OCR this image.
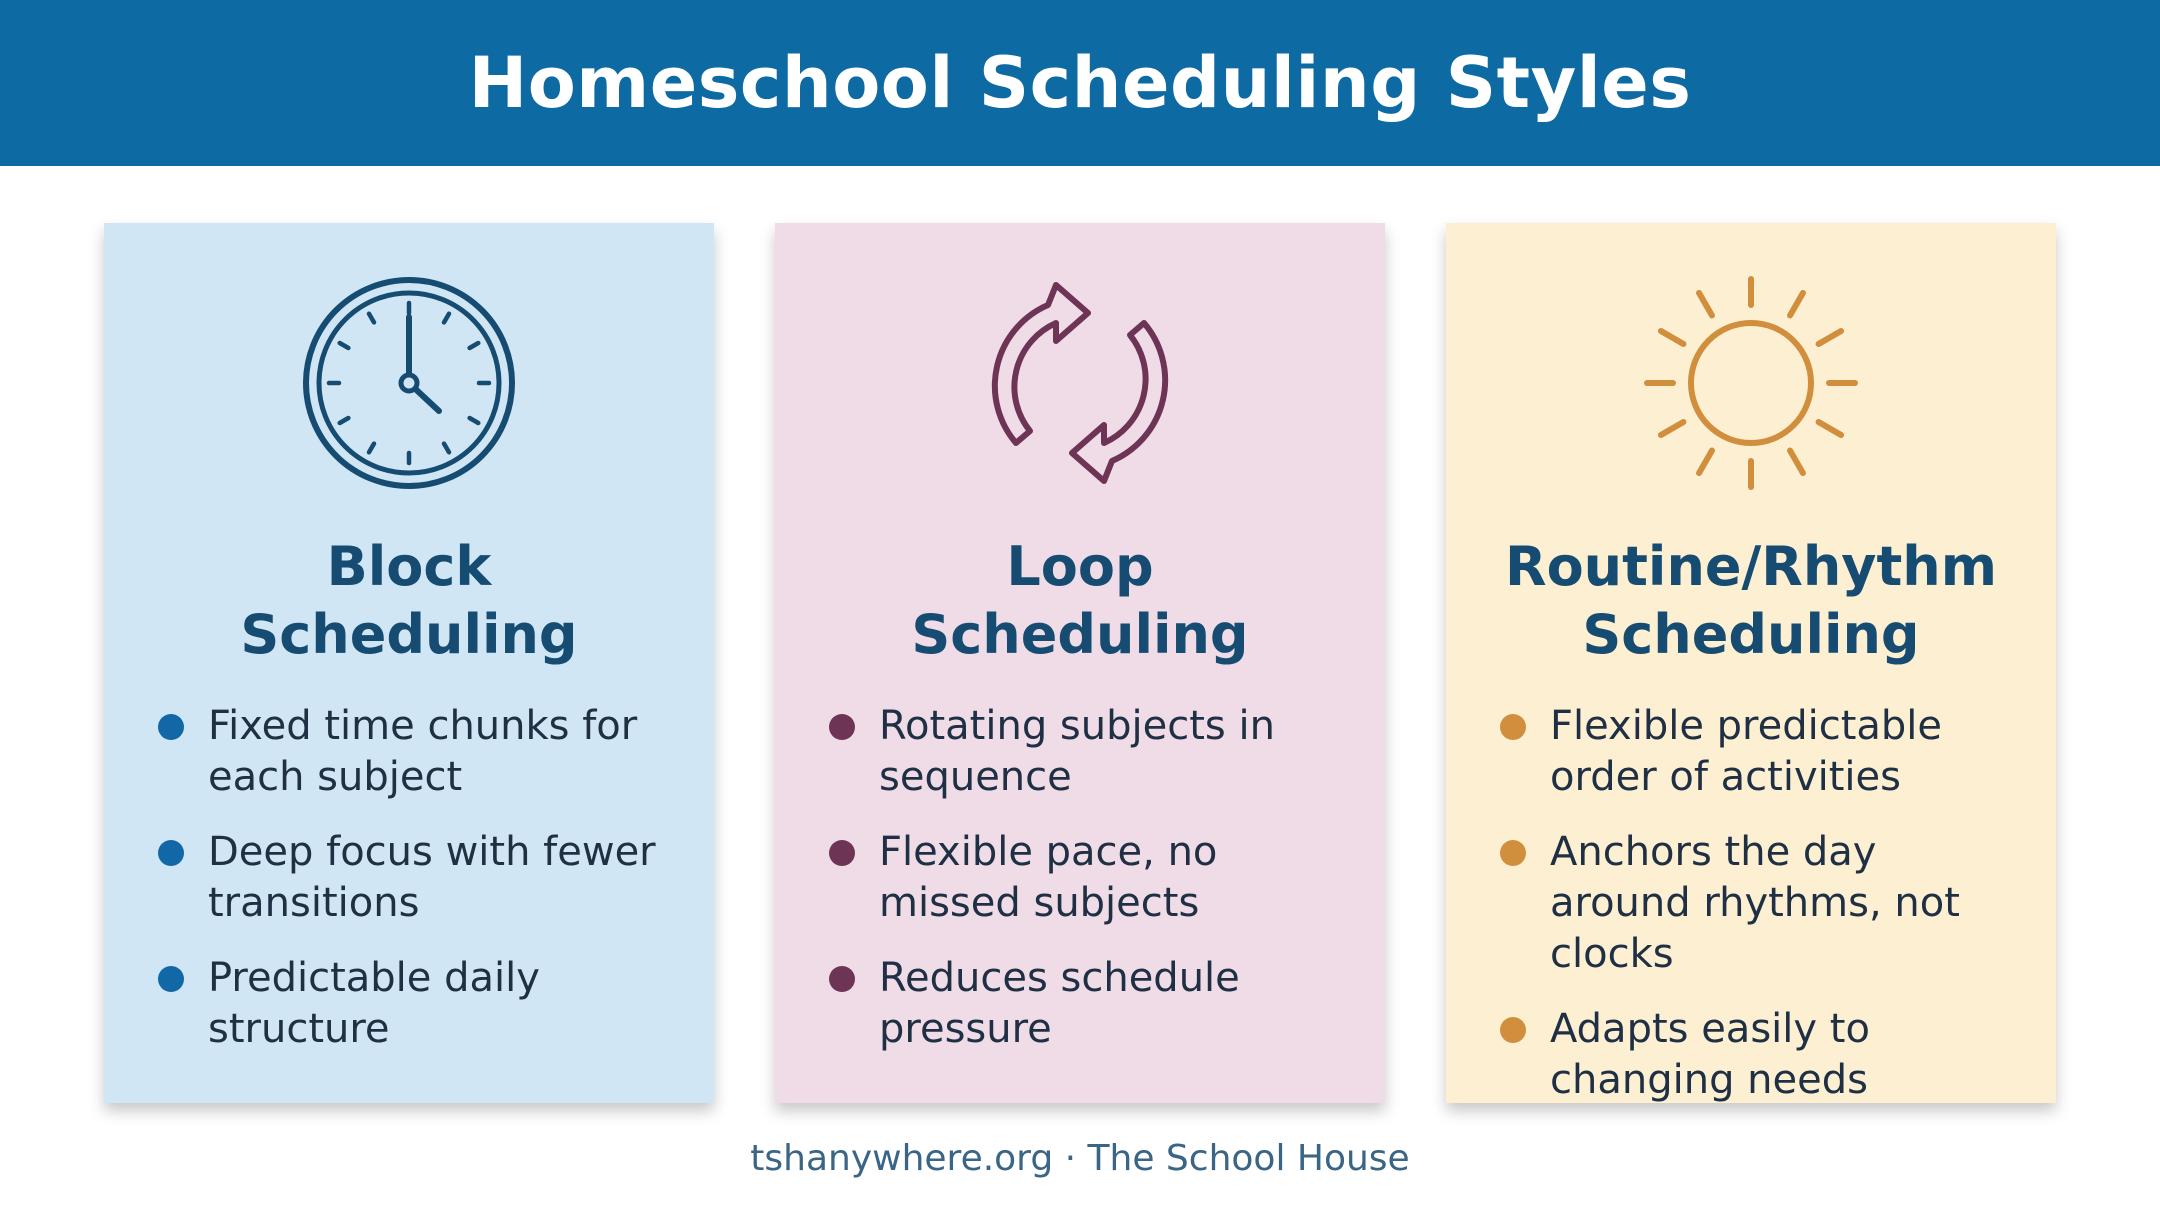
Homeschool Scheduling Styles
Block
Scheduling
Fixed time chunks for each subject
Deep focus with fewer transitions
Predictable daily structure
Loop
Scheduling
Rotating subjects in sequence
Flexible pace, no missed subjects
Reduces schedule pressure
Routine/Rhythm
Scheduling
Flexible predictable order of activities
Anchors the day around rhythms, not clocks
Adapts easily to changing needs
tshanywhere.org · The School House
